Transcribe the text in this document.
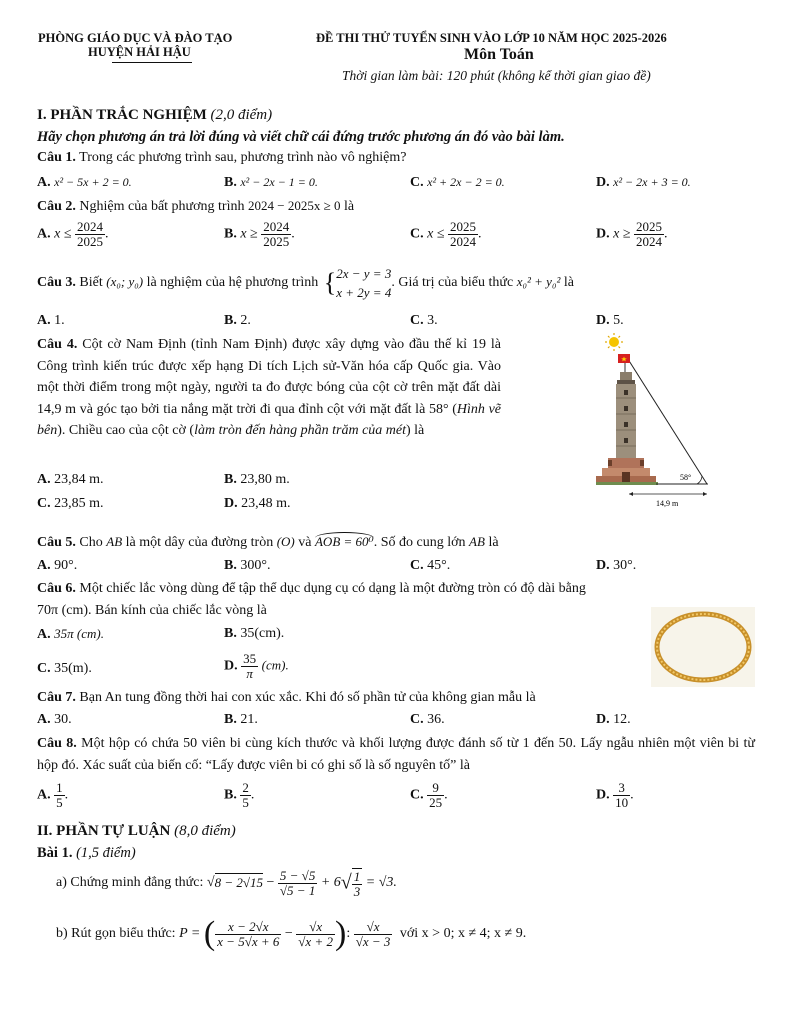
PHÒNG GIÁO DỤC VÀ ĐÀO TẠO
HUYỆN HẢI HẬU
ĐỀ THI THỬ TUYỂN SINH VÀO LỚP 10 NĂM HỌC 2025-2026
Môn Toán
Thời gian làm bài: 120 phút (không kể thời gian giao đề)
I. PHẦN TRẮC NGHIỆM (2,0 điểm)
Hãy chọn phương án trả lời đúng và viết chữ cái đứng trước phương án đó vào bài làm.
Câu 1. Trong các phương trình sau, phương trình nào vô nghiệm?
A. x² − 5x + 2 = 0.	B. x² − 2x − 1 = 0.	C. x² + 2x − 2 = 0.	D. x² − 2x + 3 = 0.
Câu 2. Nghiệm của bất phương trình 2024 − 2025x ≥ 0 là
A. $x \le \frac{2024}{2025}$ .	B. $x \ge \frac{2024}{2025}$ .	C. $x \le \frac{2025}{2024}$ .	D. $x \ge \frac{2025}{2024}$ .
Câu 3. Biết (x₀; y₀) là nghiệm của hệ phương trình { 2x − y = 3
x + 2y = 4
. Giá trị của biểu thức x₀² + y₀² là
A. 1.	B. 2.	C. 3.	D. 5.
Câu 4. Cột cờ Nam Định (tỉnh Nam Định) được xây dựng vào đầu thế kỉ 19 là Công trình kiến trúc được xếp hạng Di tích Lịch sử-Văn hóa cấp Quốc gia. Vào một thời điểm trong một ngày, người ta đo được bóng của cột cờ trên mặt đất dài 14,9 m và góc tạo bởi tia nắng mặt trời đi qua đỉnh cột với mặt đất là 58° (Hình vẽ bên). Chiều cao của cột cờ (làm tròn đến hàng phần trăm của mét) là
A. 23,84 m.	B. 23,80 m.
C. 23,85 m.	D. 23,48 m.
58°
14,9 m
Câu 5. Cho AB là một dây của đường tròn (O) và AOB = 60⁰. Số đo cung lớn AB là
A. 90°.	B. 300°.	C. 45°.	D. 30°.
Câu 6. Một chiếc lắc vòng dùng để tập thể dục dụng cụ có dạng là một đường tròn có độ dài bằng
70π (cm). Bán kính của chiếc lắc vòng là
A. 35π (cm).	B. 35(cm).
C. 35(m).	D. $\frac{35}{\pi} (cm)$.
Câu 7. Bạn An tung đồng thời hai con xúc xắc. Khi đó số phần tử của không gian mẫu là
A. 30.	B. 21.	C. 36.	D. 12.
Câu 8. Một hộp có chứa 50 viên bi cùng kích thước và khối lượng được đánh số từ 1 đến 50. Lấy ngẫu nhiên một viên bi từ hộp đó. Xác suất của biến cố: “Lấy được viên bi có ghi số là số nguyên tố” là
A. $\frac{1}{5}$ .	B. $\frac{2}{5}$ .	C. $\frac{9}{25}$ .	D. $\frac{3}{10}$ .
II. PHẦN TỰ LUẬN (8,0 điểm)
Bài 1. (1,5 điểm)
a) Chứng minh đẳng thức: $√8 - 2√15 - \frac{5 - √5}{√5 - 1} + 6√ \frac{1}{3} = √3$.
b) Rút gọn biểu thức: P = ( $\frac{x - 2√x}{x - 5√x + 6} - \frac{√x}{√x + 2}$ ): $\frac{√x}{√x - 3}$ với x > 0; x ≠ 4; x ≠ 9.
